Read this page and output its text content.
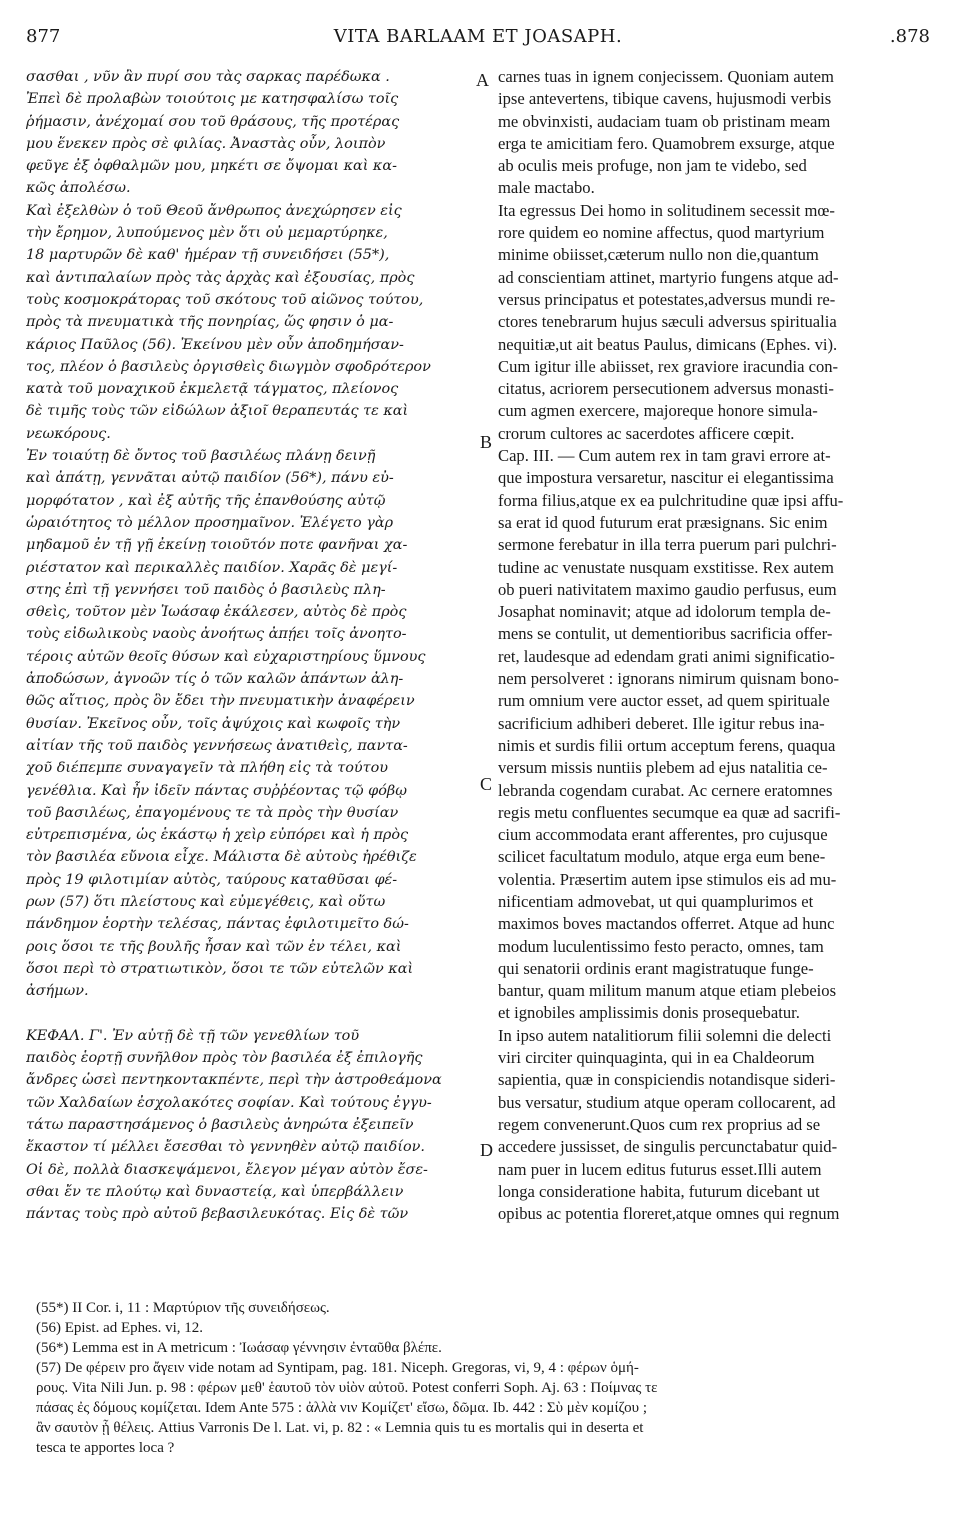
VITA BARLAAM ET JOASAPH.
877	.878
A
B
C
D
σασθαι , νῦν ἂν πυρί σου τὰς σαρκας παρέδωκα .
Ἐπεὶ δὲ προλαβὼν τοιούτοις με κατησφαλίσω τοῖς
ῥήμασιν, ἀνέχομαί σου τοῦ θράσους, τῆς προτέρας
μου ἕνεκεν πρὸς σὲ φιλίας. Ἀναστὰς οὖν, λοιπὸν
φεῦγε ἐξ ὀφθαλμῶν μου, μηκέτι σε ὄψομαι καὶ κα-
κῶς ἀπολέσω.
Καὶ ἐξελθὼν ὁ τοῦ Θεοῦ ἄνθρωπος ἀνεχώρησεν εἰς
τὴν ἔρημον, λυπούμενος μὲν ὅτι οὐ μεμαρτύρηκε,
18 μαρτυρῶν δὲ καθ' ἡμέραν τῇ συνειδήσει (55*),
καὶ ἀντιπαλαίων πρὸς τὰς ἀρχὰς καὶ ἐξουσίας, πρὸς
τοὺς κοσμοκράτορας τοῦ σκότους τοῦ αἰῶνος τούτου,
πρὸς τὰ πνευματικὰ τῆς πονηρίας, ὥς φησιν ὁ μα-
κάριος Παῦλος (56). Ἐκείνου μὲν οὖν ἀποδημήσαν-
τος, πλέον ὁ βασιλεὺς ὀργισθεὶς διωγμὸν σφοδρότερον
κατὰ τοῦ μοναχικοῦ ἐκμελετᾷ τάγματος, πλείονος
δὲ τιμῆς τοὺς τῶν εἰδώλων ἀξιοῖ θεραπευτάς τε καὶ
νεωκόρους.
Ἐν τοιαύτῃ δὲ ὄντος τοῦ βασιλέως πλάνῃ δεινῇ
καὶ ἀπάτῃ, γεννᾶται αὐτῷ παιδίον (56*), πάνυ εὐ-
μορφότατον , καὶ ἐξ αὐτῆς τῆς ἐπανθούσης αὐτῷ
ὡραιότητος τὸ μέλλον προσημαῖνον. Ἐλέγετο γὰρ
μηδαμοῦ ἐν τῇ γῇ ἐκείνῃ τοιοῦτόν ποτε φανῆναι χα-
ριέστατον καὶ περικαλλὲς παιδίον. Χαρᾶς δὲ μεγί-
στης ἐπὶ τῇ γεννήσει τοῦ παιδὸς ὁ βασιλεὺς πλη-
σθεὶς, τοῦτον μὲν Ἰωάσαφ ἐκάλεσεν, αὐτὸς δὲ πρὸς
τοὺς εἰδωλικοὺς ναοὺς ἀνοήτως ἀπῄει τοῖς ἀνοητο-
τέροις αὐτῶν θεοῖς θύσων καὶ εὐχαριστηρίους ὕμνους
ἀποδώσων, ἀγνοῶν τίς ὁ τῶν καλῶν ἁπάντων ἀλη-
θῶς αἴτιος, πρὸς ὃν ἔδει τὴν πνευματικὴν ἀναφέρειν
θυσίαν. Ἐκεῖνος οὖν, τοῖς ἀψύχοις καὶ κωφοῖς τὴν
αἰτίαν τῆς τοῦ παιδὸς γεννήσεως ἀνατιθεὶς, παντα-
χοῦ διέπεμπε συναγαγεῖν τὰ πλήθη εἰς τὰ τούτου
γενέθλια. Καὶ ἦν ἰδεῖν πάντας συῤῥέοντας τῷ φόβῳ
τοῦ βασιλέως, ἐπαγομένους τε τὰ πρὸς τὴν θυσίαν
εὐτρεπισμένα, ὡς ἑκάστῳ ἡ χεὶρ εὐπόρει καὶ ἡ πρὸς
τὸν βασιλέα εὔνοια εἶχε. Μάλιστα δὲ αὐτοὺς ἠρέθιζε
πρὸς 19 φιλοτιμίαν αὐτὸς, ταύρους καταθῦσαι φέ-
ρων (57) ὅτι πλείστους καὶ εὐμεγέθεις, καὶ οὕτω
πάνδημον ἑορτὴν τελέσας, πάντας ἐφιλοτιμεῖτο δώ-
ροις ὅσοι τε τῆς βουλῆς ἦσαν καὶ τῶν ἐν τέλει, καὶ
ὅσοι περὶ τὸ στρατιωτικὸν, ὅσοι τε τῶν εὐτελῶν καὶ
ἀσήμων.
ΚΕΦΑΛ. Γ'. Ἐν αὐτῇ δὲ τῇ τῶν γενεθλίων τοῦ
παιδὸς ἑορτῇ συνῆλθον πρὸς τὸν βασιλέα ἐξ ἐπιλογῆς
ἄνδρες ὡσεὶ πεντηκοντακπέντε, περὶ τὴν ἀστροθεάμονα
τῶν Χαλδαίων ἐσχολακότες σοφίαν. Καὶ τούτους ἐγγυ-
τάτω παραστησάμενος ὁ βασιλεὺς ἀνηρώτα ἐξειπεῖν
ἕκαστον τί μέλλει ἔσεσθαι τὸ γεννηθὲν αὐτῷ παιδίον.
Οἱ δὲ, πολλὰ διασκεψάμενοι, ἔλεγον μέγαν αὐτὸν ἔσε-
σθαι ἔν τε πλούτῳ καὶ δυναστείᾳ, καὶ ὑπερβάλλειν
πάντας τοὺς πρὸ αὐτοῦ βεβασιλευκότας. Εἰς δὲ τῶν
carnes tuas in ignem conjecissem. Quoniam autem
ipse antevertens, tibique cavens, hujusmodi verbis
me obvinxisti, audaciam tuam ob pristinam meam
erga te amicitiam fero. Quamobrem exsurge, atque
ab oculis meis profuge, non jam te videbo, sed
male mactabo.
Ita egressus Dei homo in solitudinem secessit mœ-
rore quidem eo nomine affectus, quod martyrium
minime obiisset,cæterum nullo non die,quantum
ad conscientiam attinet, martyrio fungens atque ad-
versus principatus et potestates,adversus mundi re-
ctores tenebrarum hujus sæculi adversus spiritualia
nequitiæ,ut ait beatus Paulus, dimicans (Ephes. vi).
Cum igitur ille abiisset, rex graviore iracundia con-
citatus, acriorem persecutionem adversus monasti-
cum agmen exercere, majoreque honore simula-
crorum cultores ac sacerdotes afficere cœpit.
Cap. III. — Cum autem rex in tam gravi errore at-
que impostura versaretur, nascitur ei elegantissima
forma filius,atque ex ea pulchritudine quæ ipsi affu-
sa erat id quod futurum erat præsignans. Sic enim
sermone ferebatur in illa terra puerum pari pulchri-
tudine ac venustate nusquam exstitisse. Rex autem
ob pueri nativitatem maximo gaudio perfusus, eum
Josaphat nominavit; atque ad idolorum templa de-
mens se contulit, ut dementioribus sacrificia offer-
ret, laudesque ad edendam grati animi significatio-
nem persolveret : ignorans nimirum quisnam bono-
rum omnium vere auctor esset, ad quem spirituale
sacrificium adhiberi deberet. Ille igitur rebus ina-
nimis et surdis filii ortum acceptum ferens, quaqua
versum missis nuntiis plebem ad ejus natalitia ce-
lebranda cogendam curabat. Ac cernere eratomnes
regis metu confluentes secumque ea quæ ad sacrifi-
cium accommodata erant afferentes, pro cujusque
scilicet facultatum modulo, atque erga eum bene-
volentia. Præsertim autem ipse stimulos eis ad mu-
nificentiam admovebat, ut qui quamplurimos et
maximos boves mactandos offerret. Atque ad hunc
modum luculentissimo festo peracto, omnes, tam
qui senatorii ordinis erant magistratuque funge-
bantur, quam militum manum atque etiam plebeios
et ignobiles amplissimis donis prosequebatur.
In ipso autem natalitiorum filii solemni die delecti
viri circiter quinquaginta, qui in ea Chaldeorum
sapientia, quæ in conspiciendis notandisque sideri-
bus versatur, studium atque operam collocarent, ad
regem convenerunt.Quos cum rex proprius ad se
accedere jussisset, de singulis percunctabatur quid-
nam puer in lucem editus futurus esset.Illi autem
longa consideratione habita, futurum dicebant ut
opibus ac potentia floreret,atque omnes qui regnum
(55*) II Cor. i, 11 : Μαρτύριον τῆς συνειδήσεως.
(56) Epist. ad Ephes. vi, 12.
(56*) Lemma est in A metricum : Ἰωάσαφ γέννησιν ἐνταῦθα βλέπε.
(57) De φέρειν pro ἄγειν vide notam ad Syntipam, pag. 181. Niceph. Gregoras, vi, 9, 4 : φέρων ὁμή-
ρους. Vita Nili Jun. p. 98 : φέρων μεθ' ἑαυτοῦ τὸν υἱὸν αὐτοῦ. Potest conferri Soph. Aj. 63 : Ποίμνας τε
πάσας ἐς δόμους κομίζεται. Idem Ante 575 : ἀλλὰ νιν Κομίζετ' εἴσω, δῶμα. Ib. 442 : Σὺ μὲν κομίζου ;
ἂν σαυτὸν ᾗ θέλεις. Attius Varronis De l. Lat. vi, p. 82 : « Lemnia quis tu es mortalis qui in deserta et
tesca te apportes loca ?
